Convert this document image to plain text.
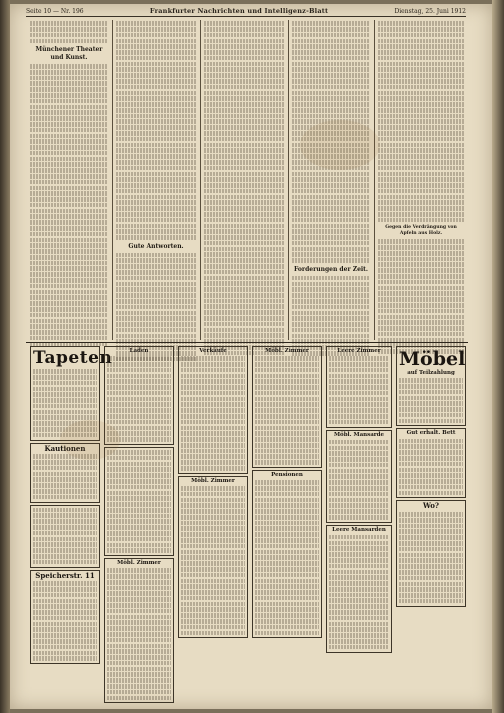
Seite 10 — Nr. 196	Frankfurter Nachrichten und Intelligenz-Blatt	Dienstag, 25. Juni 1912
Münchener Theater und Kunst.
Gute Antworten.
Forderungen der Zeit.
Gegen die Verdrängung von Apfeln aus Holz.
Tapeten
Kautionen
Speicherstr. 11
Laden
Möbl. Zimmer
Verkäufe
Möbl. Zimmer
Möbl. Zimmer
Pensionen
Leere Zimmer
Möbl. Mansarde
Leere Mansarden
Möbel
auf Teilzahlung
Gut erhalt. Bett
Wo?
